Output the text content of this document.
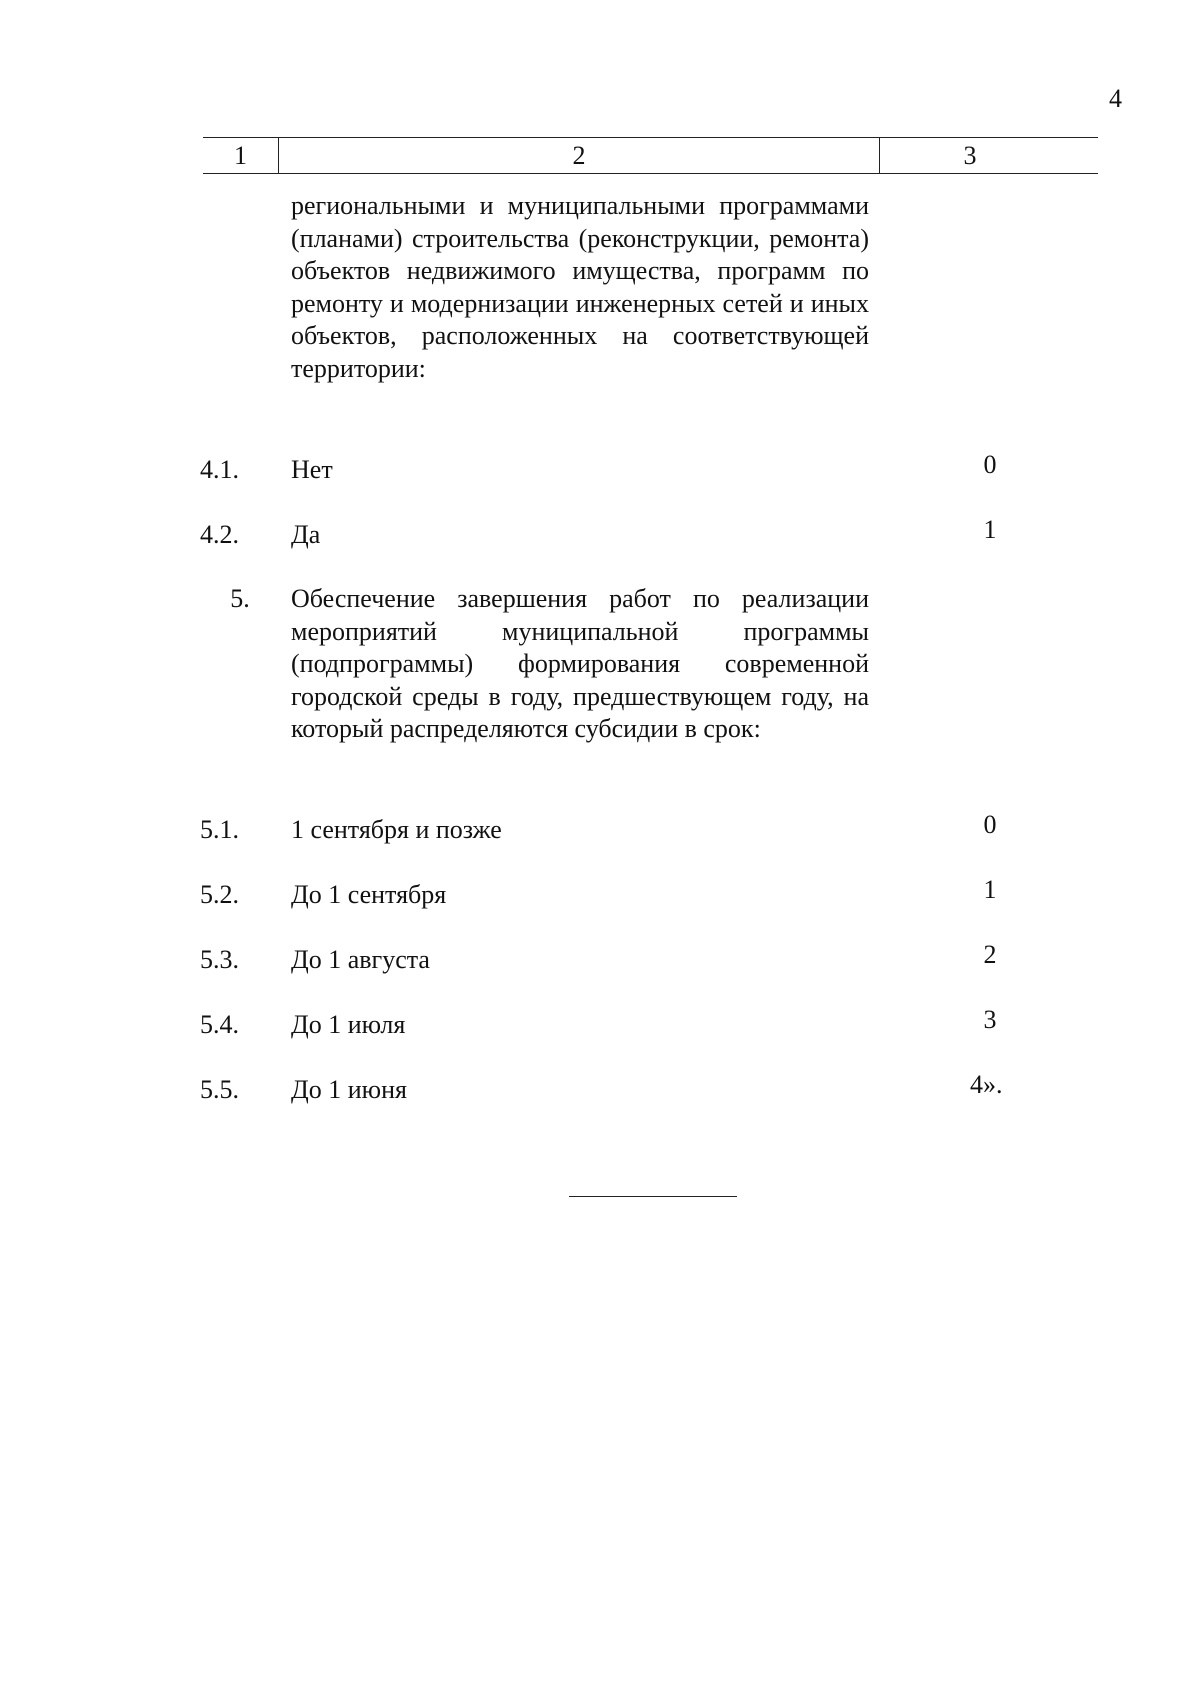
4
1	2	3
региональными и муниципальными программами (планами) строительства (реконструкции, ремонта) объектов недвижимого имущества, программ по ремонту и модернизации инженерных сетей и иных объектов, расположенных на соответствующей территории:
4.1.	Нет	0
4.2.	Да	1
5.	Обеспечение завершения работ по реализации мероприятий муниципальной программы (подпрограммы) формирования современной городской среды в году, предшествующем году, на который распределяются субсидии в срок:
5.1.	1 сентября и позже	0
5.2.	До 1 сентября	1
5.3.	До 1 августа	2
5.4.	До 1 июля	3
5.5.	До 1 июня	4».
